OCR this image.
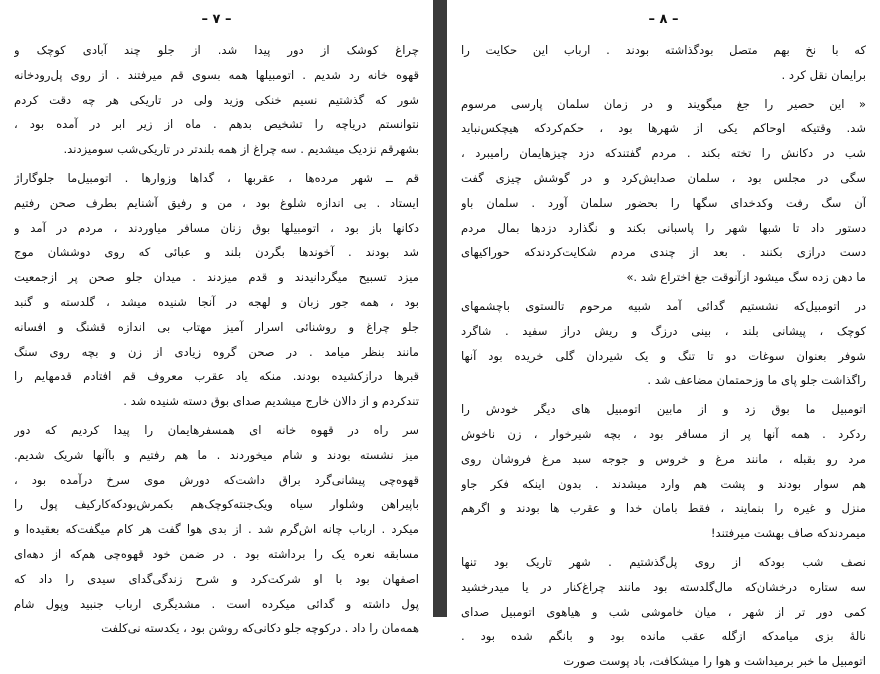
– ۷ –
چراغ کوشک از دور پیدا شد. از جلو چند آبادی کوچک و
قهوه خانه رد شدیم . اتومبیلها همه بسوی قم میرفتند . از روی پل‌رودخانه
شور که گذشتیم نسیم خنکی وزید ولی در تاریکی هر چه دقت کردم
نتوانستم دریاچه را تشخیص بدهم . ماه از زیر ابر در آمده بود ،
بشهرقم نزدیک میشدیم . سه چراغ از همه بلندتر در تاریکی‌شب سومیزدند.
قم ــ شهر مرده‌ها ، عقربها ، گداها وزوارها . اتومبیل‌ما جلوگاراژ
ایستاد . بی اندازه شلوغ بود ، من و رفیق آشنایم بطرف صحن رفتیم
دکانها باز بود ، اتومبیلها بوق زنان مسافر میاوردند ، مردم در آمد و
شد بودند . آخوندها بگردن بلند و عبائی که روی دوششان موج
میزد تسبیح میگردانیدند و قدم میزدند . میدان جلو صحن پر ازجمعیت
بود ، همه جور زبان و لهجه در آنجا شنیده میشد ، گلدسته و گنبد
جلو چراغ و روشنائی اسرار آمیز مهتاب بی اندازه قشنگ و افسانه
مانند بنظر میامد . در صحن گروه زیادی از زن و بچه روی سنگ
قبرها درازکشیده بودند. منکه یاد عقرب معروف قم افتادم قدمهایم را
تندکردم و از دالان خارج میشدیم صدای بوق دسته شنیده شد .
سر راه در قهوه خانه ای همسفرهایمان را پیدا کردیم که دور
میز نشسته بودند و شام میخوردند . ما هم رفتیم و باآنها شریک شدیم.
قهوه‌چی پیشانی‌گرد براق داشت‌که دورش موی سرخ درآمده بود ،
باپیراهن وشلوار سیاه ویک‌جنته‌کوچک‌هم بکمرش‌بود‌که‌کارکیف پول را
میکرد . ارباب چانه اش‌گرم شد . از بدی هوا گفت هر کام میگفت‌که بعقیده‌ا و
مسابقه نعره یک را برداشته بود . در ضمن خود قهوه‌چی هم‌که از دهه‌ای
اصفهان بود با او شرکت‌کرد و شرح زندگی‌گدای سیدی را داد که
پول داشته و گدائی میکرده است . مشدیگری ارباب جنبید وپول شام
همه‌مان را داد . درکوچه جلو دکانی‌که روشن بود ، یکدسته نی‌کلفت
– ۸ –
که با نخ بهم متصل بودگذاشته بودند . ارباب این حکایت را
برایمان نقل کرد .
« این حصیر را جغ میگویند و در زمان سلمان پارسی مرسوم
شد. وقتیکه اوحاکم یکی از شهرها بود ، حکم‌کردکه هیچکس‌نباید
شب در دکانش را تخته بکند . مردم گفتندکه دزد چیزهایمان رامیبرد ،
سگی در مجلس بود ، سلمان صدایش‌کرد و در گوشش چیزی گفت
آن سگ رفت وکدخدای سگها را بحضور سلمان آورد . سلمان باو
دستور داد تا شبها شهر را پاسبانی بکند و نگذارد دزدها بمال مردم
دست درازی بکنند . بعد از چندی مردم شکایت‌کردندکه حوراکیهای
ما دهن زده سگ میشود ازآنوقت جغ اختراع شد .»
در اتومبیل‌که نشستیم گدائی آمد شبیه مرحوم تالستوی باچشمهای
کوچک ، پیشانی بلند ، بینی درزگ و ریش دراز سفید . شاگرد
شوفر بعنوان سوغات دو تا تنگ و یک شیردان گلی خریده بود آنها
راگذاشت جلو پای ما وزحمتمان مضاعف شد .
اتومبیل ما بوق زد و از مابین اتومبیل های دیگر خودش را
ردکرد . همه آنها پر از مسافر بود ، بچه شیرخوار ، زن ناخوش
مرد رو بقبله ، مانند مرغ و خروس و جوجه سبد مرغ فروشان روی
هم سوار بودند و پشت هم وارد میشدند . بدون اینکه فکر جاو
منزل و غیره را بنمایند ، فقط بامان خدا و عقرب ها بودند و اگرهم
میمردند‌که صاف بهشت میرفتند!
نصف شب بودکه از روی پل‌گذشتیم . شهر تاریک بود تنها
سه ستاره درخشان‌که مال‌گلدسته بود مانند چراغ‌کنار در یا میدرخشید
کمی دور تر از شهر ، میان خاموشی شب و هیاهوی اتومبیل صدای
نالهٔ بزی میامدکه ازگله عقب مانده بود و بانگم شده بود .
اتومبیل ما خبر برمیداشت و هوا را میشکافت، باد پوست صورت
